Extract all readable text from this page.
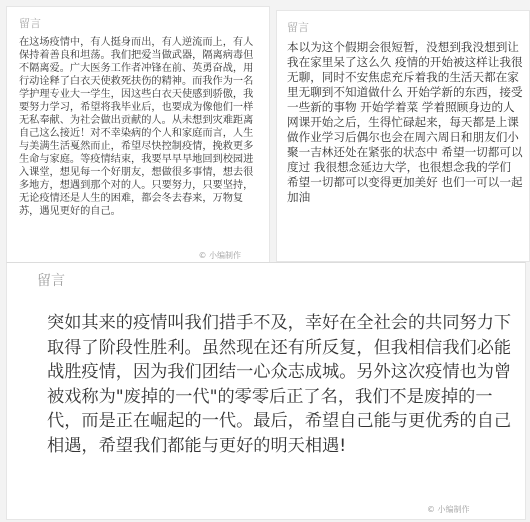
留言

在这场疫情中，有人挺身而出，有人逆流而上，有人保持着善良和坦荡。我们把爱当做武器，隔离病毒但不隔离爱。广大医务工作者冲锋在前、英勇奋战，用行动诠释了白衣天使救死扶伤的精神。而我作为一名学护理专业大一学生，因这些白衣天使感到骄傲，我要努力学习，希望将我毕业后，也要成为像他们一样无私奉献、为社会做出贡献的人。从未想到灾难距离自己这么接近！对不幸染病的个人和家庭而言，人生与美满生活戛然而止，希望尽快控制疫情，挽救更多生命与家庭。等疫情结束，我要早早早地回到校园进入课堂，想见每一个好朋友，想做很多事情，想去很多地方，想遇到那个对的人。只要努力，只要坚持，无论疫情还是人生的困难，都会冬去春来，万物复苏，遇见更好的自己。

© 小编制作

留言

本以为这个假期会很短暂，没想到我没想到让我在家里呆了这么久 疫情的开始被这样让我很无聊，同时不安焦虑充斥着我的生活天都在家里无聊到不知道做什么 开始学新的东西，接受一些新的事物 开始学着菜 学着照顾身边的人网课开始之后，生得忙碌起来，每天都是上课做作业学习后偶尔也会在周六周日和朋友们小聚一吉林还处在紧张的状态中 希望一切都可以度过 我很想念延边大学，也很想念我的学们 希望一切都可以变得更加美好 也们一可以一起加油

留言

突如其来的疫情叫我们措手不及，幸好在全社会的共同努力下取得了阶段性胜利。虽然现在还有所反复，但我相信我们必能战胜疫情，因为我们团结一心众志成城。另外这次疫情也为曾被戏称为"废掉的一代"的零零后正了名，我们不是废掉的一代，而是正在崛起的一代。最后，希望自己能与更优秀的自己相遇，希望我们都能与更好的明天相遇!

© 小编制作
